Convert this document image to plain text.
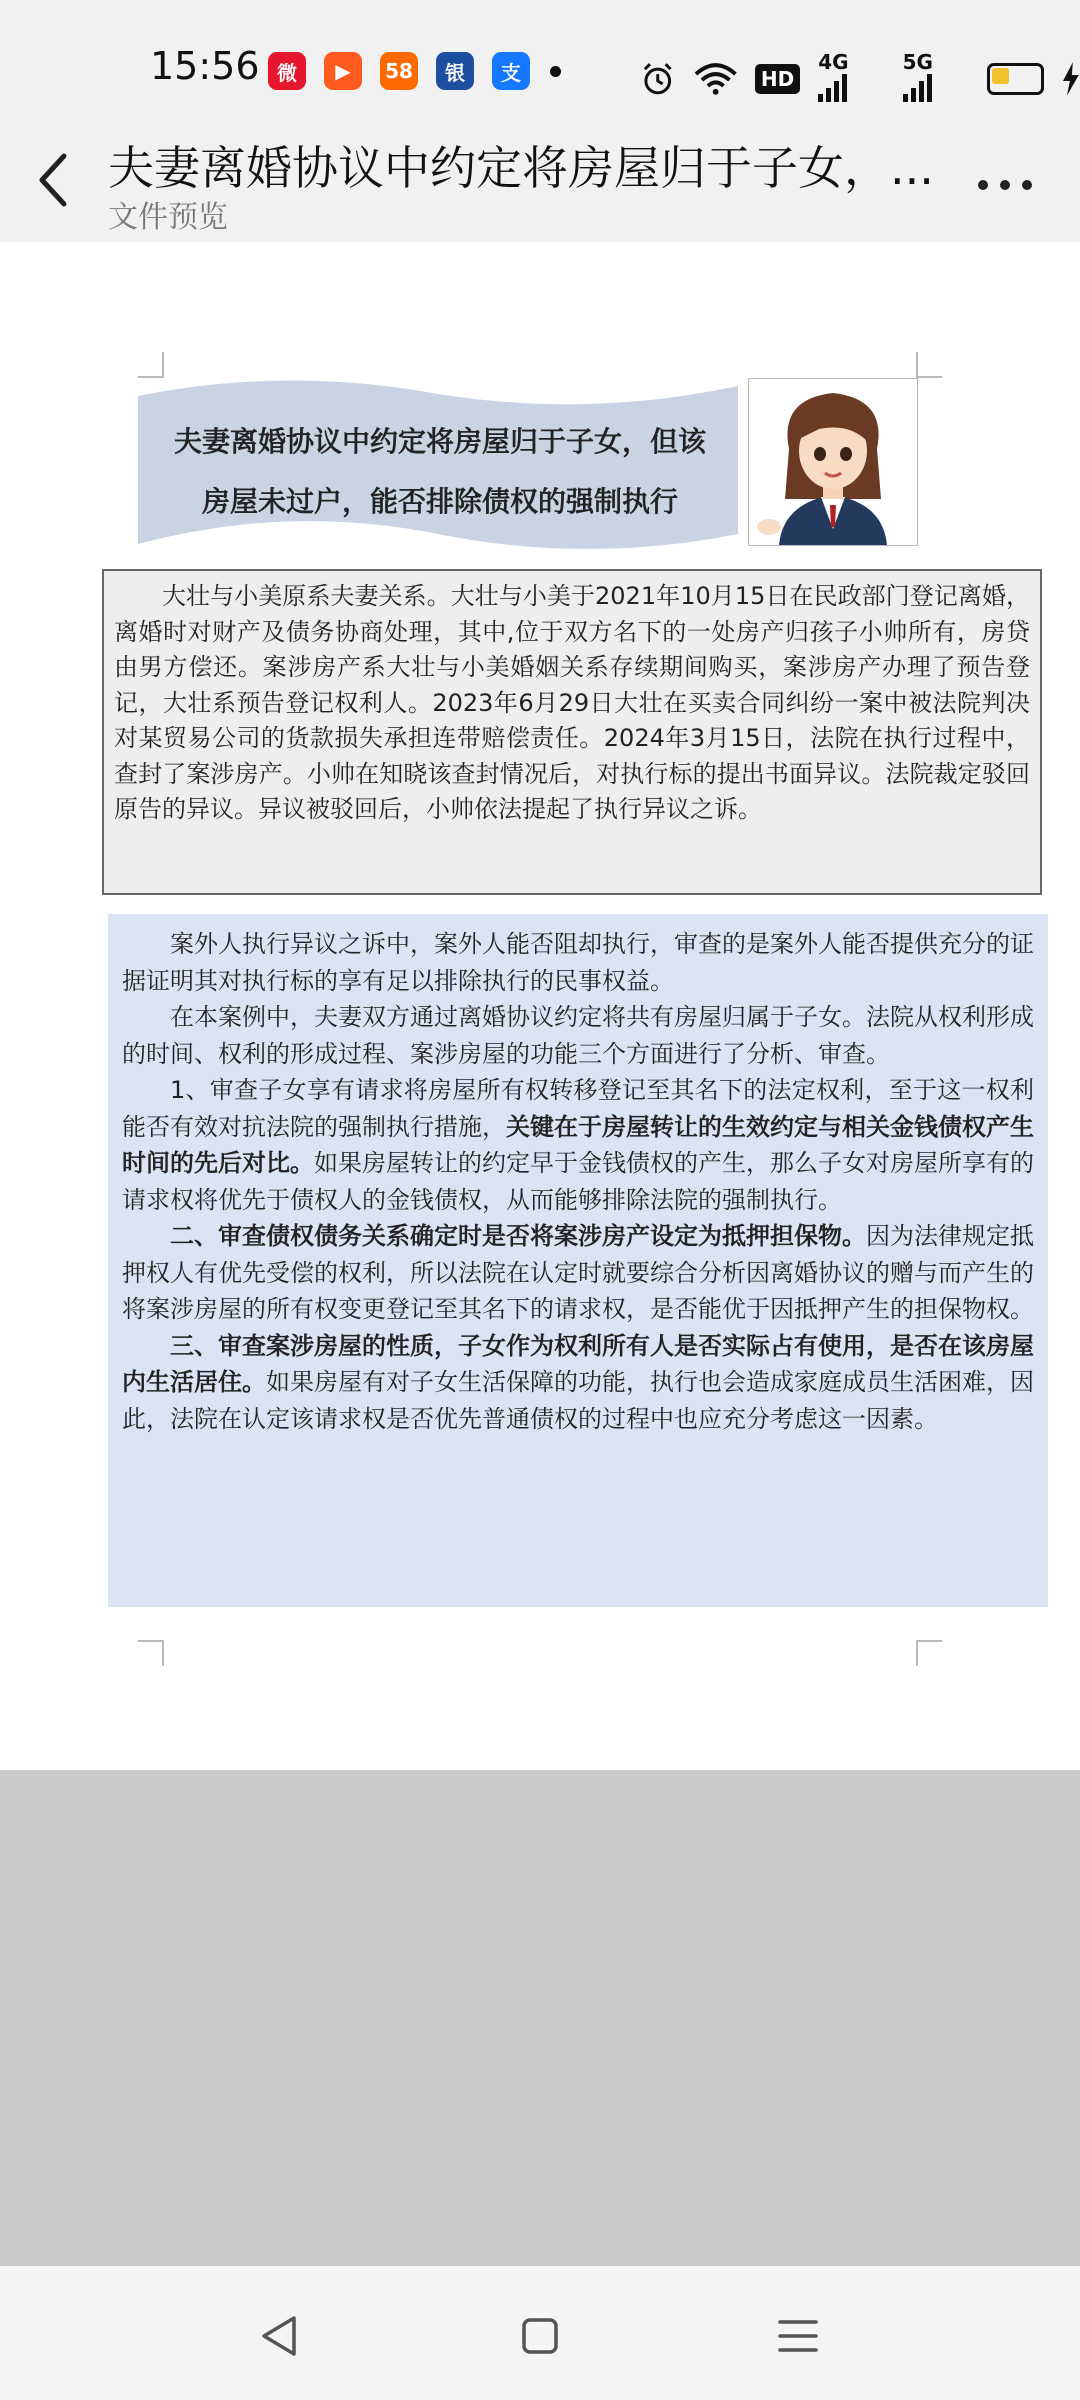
15:56 微	▶	58	银	支	HD
4G	5G
夫妻离婚协议中约定将房屋归于子女，...
文件预览
夫妻离婚协议中约定将房屋归于子女，但该
房屋未过户，能否排除债权的强制执行

大壮与小美原系夫妻关系。大壮与小美于2021年10月15日在民政部门登记离婚，离婚时对财产及债务协商处理，其中,位于双方名下的一处房产归孩子小帅所有，房贷由男方偿还。案涉房产系大壮与小美婚姻关系存续期间购买，案涉房产办理了预告登记，大壮系预告登记权利人。2023年6月29日大壮在买卖合同纠纷一案中被法院判决对某贸易公司的货款损失承担连带赔偿责任。2024年3月15日，法院在执行过程中，查封了案涉房产。小帅在知晓该查封情况后，对执行标的提出书面异议。法院裁定驳回原告的异议。异议被驳回后，小帅依法提起了执行异议之诉。

案外人执行异议之诉中，案外人能否阻却执行，审查的是案外人能否提供充分的证据证明其对执行标的享有足以排除执行的民事权益。

在本案例中，夫妻双方通过离婚协议约定将共有房屋归属于子女。法院从权利形成的时间、权利的形成过程、案涉房屋的功能三个方面进行了分析、审查。

1、审查子女享有请求将房屋所有权转移登记至其名下的法定权利，至于这一权利能否有效对抗法院的强制执行措施，关键在于房屋转让的生效约定与相关金钱债权产生时间的先后对比。如果房屋转让的约定早于金钱债权的产生，那么子女对房屋所享有的请求权将优先于债权人的金钱债权，从而能够排除法院的强制执行。

二、审查债权债务关系确定时是否将案涉房产设定为抵押担保物。因为法律规定抵押权人有优先受偿的权利，所以法院在认定时就要综合分析因离婚协议的赠与而产生的将案涉房屋的所有权变更登记至其名下的请求权，是否能优于因抵押产生的担保物权。

三、审查案涉房屋的性质，子女作为权利所有人是否实际占有使用，是否在该房屋内生活居住。如果房屋有对子女生活保障的功能，执行也会造成家庭成员生活困难，因此，法院在认定该请求权是否优先普通债权的过程中也应充分考虑这一因素。
